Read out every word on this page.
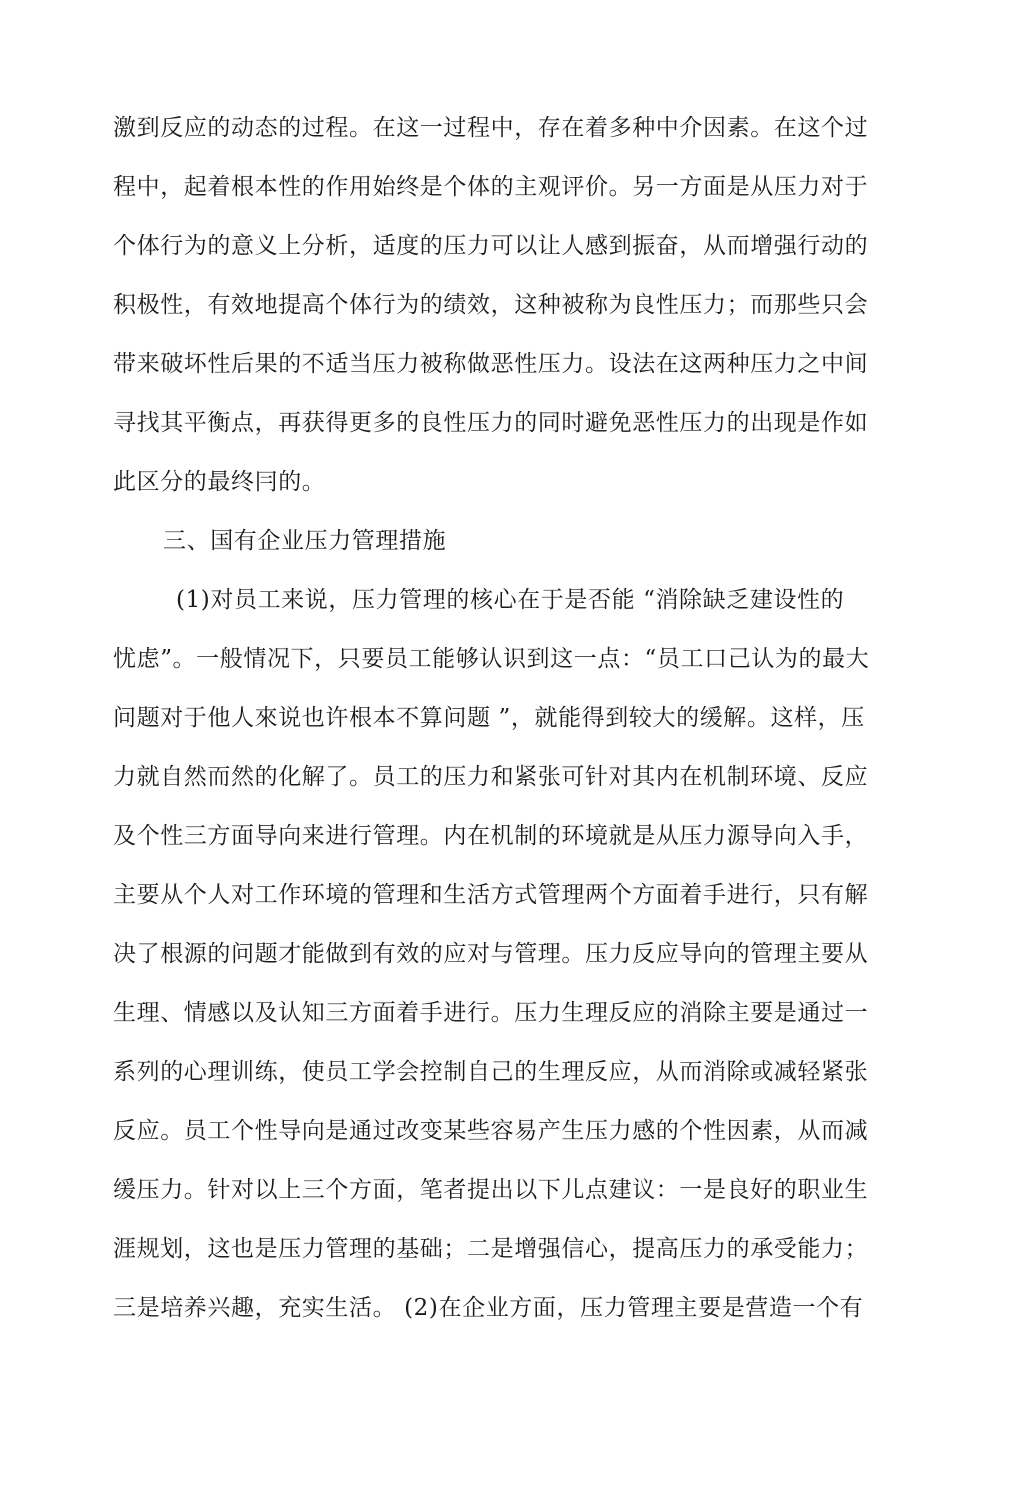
激到反应的动态的过程。在这一过程中，存在着多种中介因素。在这个过
程中，起着根本性的作用始终是个体的主观评价。另一方面是从压力对于
个体行为的意义上分析，适度的压力可以让人感到振奋，从而增强行动的
积极性，有效地提高个体行为的绩效，这种被称为良性压力；而那些只会
带来破坏性后果的不适当压力被称做恶性压力。设法在这两种压力之中间
寻找其平衡点，再获得更多的良性压力的同时避免恶性压力的出现是作如
此区分的最终冃的。
三、国有企业压力管理措施
(1)对员工来说，压力管理的核心在于是否能 “消除缺乏建设性的
忧虑”。一般情况下，只要员工能够认识到这一点：“员工口己认为的最大
问题对于他人來说也许根本不算问题 ”，就能得到较大的缓解。这样，压
力就自然而然的化解了。员工的压力和紧张可针对其内在机制环境、反应
及个性三方面导向来进行管理。内在机制的环境就是从压力源导向入手，
主要从个人对工作环境的管理和生活方式管理两个方面着手进行，只有解
决了根源的问题才能做到有效的应对与管理。压力反应导向的管理主要从
生理、情感以及认知三方面着手进行。压力生理反应的消除主要是通过一
系列的心理训练，使员工学会控制自己的生理反应，从而消除或减轻紧张
反应。员工个性导向是通过改变某些容易产生压力感的个性因素，从而减
缓压力。针对以上三个方面，笔者提出以下儿点建议：一是良好的职业生
涯规划，这也是压力管理的基础；二是增强信心，提高压力的承受能力；
三是培养兴趣，充实生活。 (2)在企业方面，压力管理主要是营造一个有
